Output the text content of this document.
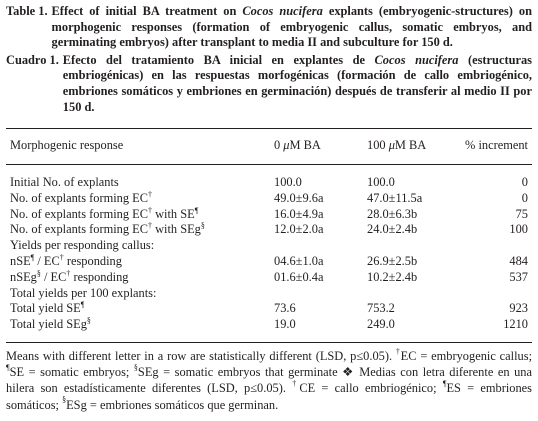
Table 1. Effect of initial BA treatment on Cocos nucifera explants (embryogenic-structures) on morphogenic responses (formation of embryogenic callus, somatic embryos, and germinating embryos) after transplant to media II and subculture for 150 d.
Cuadro 1. Efecto del tratamiento BA inicial en explantes de Cocos nucifera (estructuras embriogénicas) en las respuestas morfogénicas (formación de callo embriogénico, embriones somáticos y embriones en germinación) después de transferir al medio II por 150 d.
Morphogenic response	0 μM BA	100 μM BA	% increment
Initial No. of explants	100.0	100.0	0
No. of explants forming EC†	49.0±9.6a	47.0±11.5a	0
No. of explants forming EC† with SE¶	16.0±4.9a	28.0±6.3b	75
No. of explants forming EC† with SEg§	12.0±2.0a	24.0±2.4b	100
Yields per responding callus:
nSE¶ / EC† responding	04.6±1.0a	26.9±2.5b	484
nSEg§ / EC† responding	01.6±0.4a	10.2±2.4b	537
Total yields per 100 explants:
Total yield SE¶	73.6	753.2	923
Total yield SEg§	19.0	249.0	1210
Means with different letter in a row are statistically different (LSD, p≤0.05). †EC = embryogenic callus; ¶SE = somatic embryos; §SEg = somatic embryos that germinate ❖ Medias con letra diferente en una hilera son estadísticamente diferentes (LSD, p≤0.05). †CE = callo embriogénico; ¶ES = embriones somáticos; §ESg = embriones somáticos que germinan.
